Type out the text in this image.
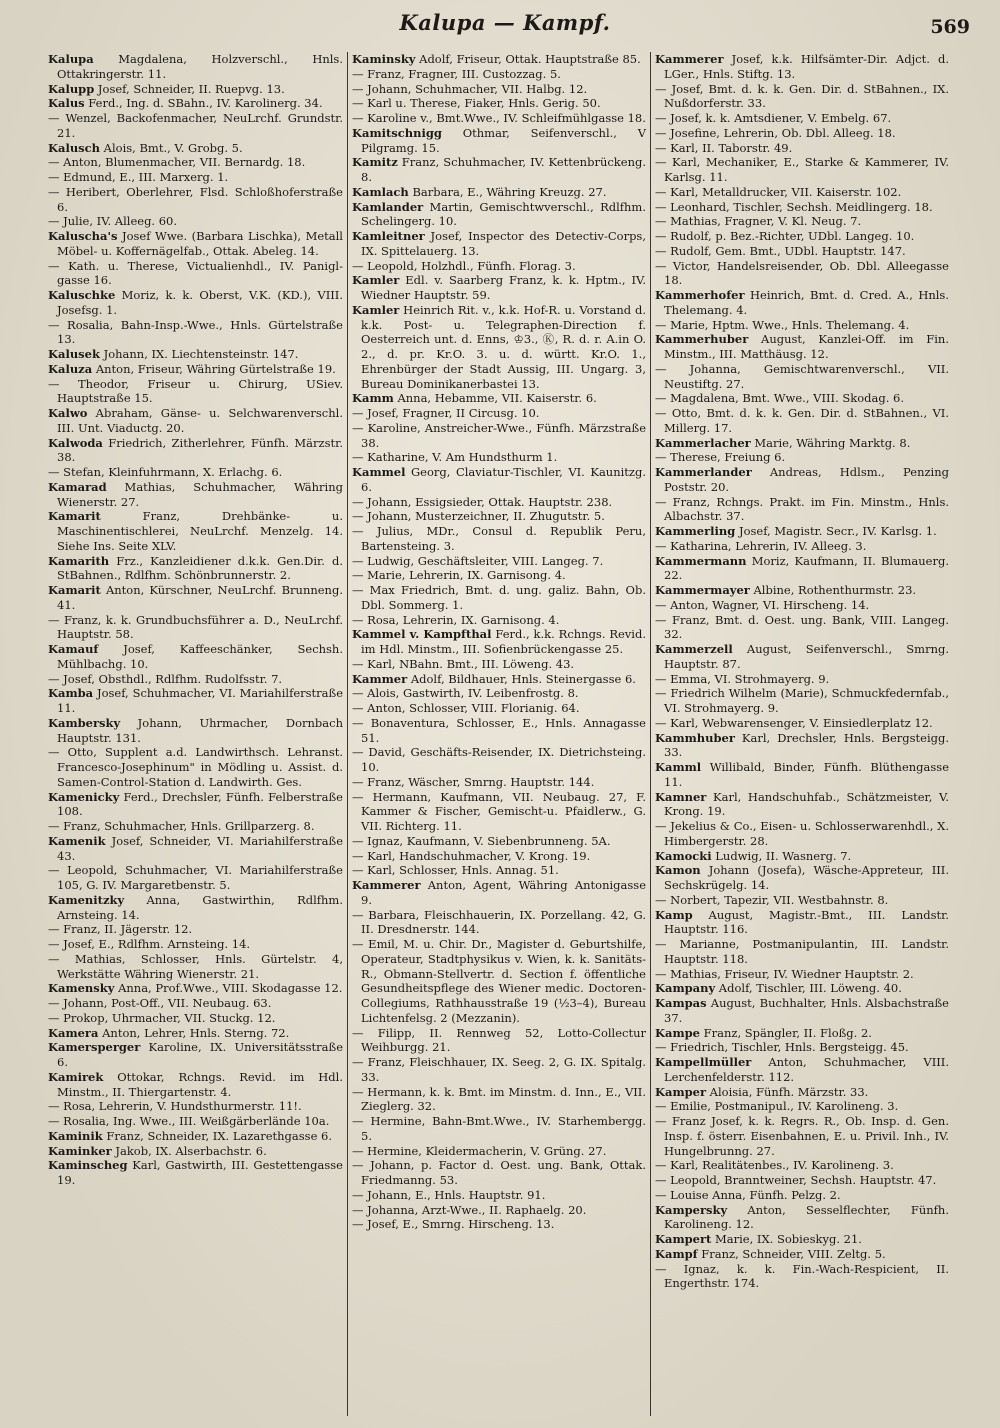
Kalupa — Kampf.	569
Kalupa Magdalena, Holzverschl., Hnls. Ottakringerstr. 11.
Kalupp Josef, Schneider, II. Ruepvg. 13.
Kalus Ferd., Ing. d. SBahn., IV. Karolinerg. 34.
— Wenzel, Backofenmacher, NeuLrchf. Grundstr. 21.
Kalusch Alois, Bmt., V. Grobg. 5.
— Anton, Blumenmacher, VII. Bernardg. 18.
— Edmund, E., III. Marxerg. 1.
— Heribert, Oberlehrer, Flsd. Schloßhoferstraße 6.
— Julie, IV. Alleeg. 60.
Kaluscha's Josef Wwe. (Barbara Lischka), Metall Möbel- u. Koffernägelfab., Ottak. Abeleg. 14.
— Kath. u. Therese, Victualienhdl., IV. Panigl-gasse 16.
Kaluschke Moriz, k. k. Oberst, V.K. (KD.), VIII. Josefsg. 1.
— Rosalia, Bahn-Insp.-Wwe., Hnls. Gürtelstraße 13.
Kalusek Johann, IX. Liechtensteinstr. 147.
Kaluza Anton, Friseur, Währing Gürtelstraße 19.
— Theodor, Friseur u. Chirurg, USiev. Hauptstraße 15.
Kalwo Abraham, Gänse- u. Selchwarenverschl. III. Unt. Viaductg. 20.
Kalwoda Friedrich, Zitherlehrer, Fünfh. Märzstr. 38.
— Stefan, Kleinfuhrmann, X. Erlachg. 6.
Kamarad Mathias, Schuhmacher, Währing Wienerstr. 27.
Kamarit Franz, Drehbänke- u. Maschinentischlerei, NeuLrchf. Menzelg. 14. Siehe Ins. Seite XLV.
Kamarith Frz., Kanzleidiener d.k.k. Gen.Dir. d. StBahnen., Rdlfhm. Schönbrunnerstr. 2.
Kamarit Anton, Kürschner, NeuLrchf. Brunneng. 41.
— Franz, k. k. Grundbuchsführer a. D., NeuLrchf. Hauptstr. 58.
Kamauf Josef, Kaffeeschänker, Sechsh. Mühlbachg. 10.
— Josef, Obsthdl., Rdlfhm. Rudolfsstr. 7.
Kamba Josef, Schuhmacher, VI. Mariahilferstraße 11.
Kambersky Johann, Uhrmacher, Dornbach Hauptstr. 131.
— Otto, Supplent a.d. Landwirthsch. Lehranst. Francesco-Josephinum" in Mödling u. Assist. d. Samen-Control-Station d. Landwirth. Ges.
Kamenicky Ferd., Drechsler, Fünfh. Felberstraße 108.
— Franz, Schuhmacher, Hnls. Grillparzerg. 8.
Kamenik Josef, Schneider, VI. Mariahilferstraße 43.
— Leopold, Schuhmacher, VI. Mariahilferstraße 105, G. IV. Margaretbenstr. 5.
Kamenitzky Anna, Gastwirthin, Rdlfhm. Arnsteing. 14.
— Franz, II. Jägerstr. 12.
— Josef, E., Rdlfhm. Arnsteing. 14.
— Mathias, Schlosser, Hnls. Gürtelstr. 4, Werkstätte Währing Wienerstr. 21.
Kamensky Anna, Prof.Wwe., VIII. Skodagasse 12.
— Johann, Post-Off., VII. Neubaug. 63.
— Prokop, Uhrmacher, VII. Stuckg. 12.
Kamera Anton, Lehrer, Hnls. Sterng. 72.
Kamersperger Karoline, IX. Universitätsstraße 6.
Kamirek Ottokar, Rchngs. Revid. im Hdl. Minstm., II. Thiergartenstr. 4.
— Rosa, Lehrerin, V. Hundsthurmerstr. 11!.
— Rosalia, Ing. Wwe., III. Weißgärberlände 10a.
Kaminik Franz, Schneider, IX. Lazarethgasse 6.
Kaminker Jakob, IX. Alserbachstr. 6.
Kaminscheg Karl, Gastwirth, III. Gestettengasse 19.
Kaminsky Adolf, Friseur, Ottak. Hauptstraße 85.
— Franz, Fragner, III. Custozzag. 5.
— Johann, Schuhmacher, VII. Halbg. 12.
— Karl u. Therese, Fiaker, Hnls. Gerig. 50.
— Karoline v., Bmt.Wwe., IV. Schleifmühlgasse 18.
Kamitschnigg Othmar, Seifenverschl., V Pilgramg. 15.
Kamitz Franz, Schuhmacher, IV. Kettenbrückeng. 8.
Kamlach Barbara, E., Währing Kreuzg. 27.
Kamlander Martin, Gemischtwverschl., Rdlfhm. Schelingerg. 10.
Kamleitner Josef, Inspector des Detectiv-Corps, IX. Spittelauerg. 13.
— Leopold, Holzhdl., Fünfh. Florag. 3.
Kamler Edl. v. Saarberg Franz, k. k. Hptm., IV. Wiedner Hauptstr. 59.
Kamler Heinrich Rit. v., k.k. Hof-R. u. Vorstand d. k.k. Post- u. Telegraphen-Direction f. Oesterreich unt. d. Enns, ♔3., Ⓚ, R. d. r. A.in O. 2., d. pr. Kr.O. 3. u. d. württ. Kr.O. 1., Ehrenbürger der Stadt Aussig, III. Ungarg. 3, Bureau Dominikanerbastei 13.
Kamm Anna, Hebamme, VII. Kaiserstr. 6.
— Josef, Fragner, II Circusg. 10.
— Karoline, Anstreicher-Wwe., Fünfh. Märzstraße 38.
— Katharine, V. Am Hundsthurm 1.
Kammel Georg, Claviatur-Tischler, VI. Kaunitzg. 6.
— Johann, Essigsieder, Ottak. Hauptstr. 238.
— Johann, Musterzeichner, II. Zhugutstr. 5.
— Julius, MDr., Consul d. Republik Peru, Bartensteing. 3.
— Ludwig, Geschäftsleiter, VIII. Langeg. 7.
— Marie, Lehrerin, IX. Garnisong. 4.
— Max Friedrich, Bmt. d. ung. galiz. Bahn, Ob. Dbl. Sommerg. 1.
— Rosa, Lehrerin, IX. Garnisong. 4.
Kammel v. Kampfthal Ferd., k.k. Rchngs. Revid. im Hdl. Minstm., III. Sofienbrückengasse 25.
— Karl, NBahn. Bmt., III. Löweng. 43.
Kammer Adolf, Bildhauer, Hnls. Steinergasse 6.
— Alois, Gastwirth, IV. Leibenfrostg. 8.
— Anton, Schlosser, VIII. Florianig. 64.
— Bonaventura, Schlosser, E., Hnls. Annagasse 51.
— David, Geschäfts-Reisender, IX. Dietrichsteing. 10.
— Franz, Wäscher, Smrng. Hauptstr. 144.
— Hermann, Kaufmann, VII. Neubaug. 27, F. Kammer & Fischer, Gemischt-u. Pfaidlerw., G. VII. Richterg. 11.
— Ignaz, Kaufmann, V. Siebenbrunneng. 5A.
— Karl, Handschuhmacher, V. Krong. 19.
— Karl, Schlosser, Hnls. Annag. 51.
Kammerer Anton, Agent, Währing Antonigasse 9.
— Barbara, Fleischhauerin, IX. Porzellang. 42, G. II. Dresdnerstr. 144.
— Emil, M. u. Chir. Dr., Magister d. Geburtshilfe, Operateur, Stadtphysikus v. Wien, k. k. Sanitäts-R., Obmann-Stellvertr. d. Section f. öffentliche Gesundheitspflege des Wiener medic. Doctoren-Collegiums, Rathhausstraße 19 (½3–4), Bureau Lichtenfelsg. 2 (Mezzanin).
— Filipp, II. Rennweg 52, Lotto-Collectur Weihburgg. 21.
— Franz, Fleischhauer, IX. Seeg. 2, G. IX. Spitalg. 33.
— Hermann, k. k. Bmt. im Minstm. d. Inn., E., VII. Zieglerg. 32.
— Hermine, Bahn-Bmt.Wwe., IV. Starhembergg. 5.
— Hermine, Kleidermacherin, V. Grüng. 27.
— Johann, p. Factor d. Oest. ung. Bank, Ottak. Friedmanng. 53.
— Johann, E., Hnls. Hauptstr. 91.
— Johanna, Arzt-Wwe., II. Raphaelg. 20.
— Josef, E., Smrng. Hirscheng. 13.
Kammerer Josef, k.k. Hilfsämter-Dir. Adjct. d. LGer., Hnls. Stiftg. 13.
— Josef, Bmt. d. k. k. Gen. Dir. d. StBahnen., IX. Nußdorferstr. 33.
— Josef, k. k. Amtsdiener, V. Embelg. 67.
— Josefine, Lehrerin, Ob. Dbl. Alleeg. 18.
— Karl, II. Taborstr. 49.
— Karl, Mechaniker, E., Starke & Kammerer, IV. Karlsg. 11.
— Karl, Metalldrucker, VII. Kaiserstr. 102.
— Leonhard, Tischler, Sechsh. Meidlingerg. 18.
— Mathias, Fragner, V. Kl. Neug. 7.
— Rudolf, p. Bez.-Richter, UDbl. Langeg. 10.
— Rudolf, Gem. Bmt., UDbl. Hauptstr. 147.
— Victor, Handelsreisender, Ob. Dbl. Alleegasse 18.
Kammerhofer Heinrich, Bmt. d. Cred. A., Hnls. Thelemang. 4.
— Marie, Hptm. Wwe., Hnls. Thelemang. 4.
Kammerhuber August, Kanzlei-Off. im Fin. Minstm., III. Matthäusg. 12.
— Johanna, Gemischtwarenverschl., VII. Neustiftg. 27.
— Magdalena, Bmt. Wwe., VIII. Skodag. 6.
— Otto, Bmt. d. k. k. Gen. Dir. d. StBahnen., VI. Millerg. 17.
Kammerlacher Marie, Währing Marktg. 8.
— Therese, Freiung 6.
Kammerlander Andreas, Hdlsm., Penzing Poststr. 20.
— Franz, Rchngs. Prakt. im Fin. Minstm., Hnls. Albachstr. 37.
Kammerling Josef, Magistr. Secr., IV. Karlsg. 1.
— Katharina, Lehrerin, IV. Alleeg. 3.
Kammermann Moriz, Kaufmann, II. Blumauerg. 22.
Kammermayer Albine, Rothenthurmstr. 23.
— Anton, Wagner, VI. Hirscheng. 14.
— Franz, Bmt. d. Oest. ung. Bank, VIII. Langeg. 32.
Kammerzell August, Seifenverschl., Smrng. Hauptstr. 87.
— Emma, VI. Strohmayerg. 9.
— Friedrich Wilhelm (Marie), Schmuckfedernfab., VI. Strohmayerg. 9.
— Karl, Webwarensenger, V. Einsiedlerplatz 12.
Kammhuber Karl, Drechsler, Hnls. Bergsteigg. 33.
Kamml Willibald, Binder, Fünfh. Blüthengasse 11.
Kamner Karl, Handschuhfab., Schätzmeister, V. Krong. 19.
— Jekelius & Co., Eisen- u. Schlosserwarenhdl., X. Himbergerstr. 28.
Kamocki Ludwig, II. Wasnerg. 7.
Kamon Johann (Josefa), Wäsche-Appreteur, III. Sechskrügelg. 14.
— Norbert, Tapezir, VII. Westbahnstr. 8.
Kamp August, Magistr.-Bmt., III. Landstr. Hauptstr. 116.
— Marianne, Postmanipulantin, III. Landstr. Hauptstr. 118.
— Mathias, Friseur, IV. Wiedner Hauptstr. 2.
Kampany Adolf, Tischler, III. Löweng. 40.
Kampas August, Buchhalter, Hnls. Alsbachstraße 37.
Kampe Franz, Spängler, II. Floßg. 2.
— Friedrich, Tischler, Hnls. Bergsteigg. 45.
Kampellmüller Anton, Schuhmacher, VIII. Lerchenfelderstr. 112.
Kamper Aloisia, Fünfh. Märzstr. 33.
— Emilie, Postmanipul., IV. Karolineng. 3.
— Franz Josef, k. k. Regrs. R., Ob. Insp. d. Gen. Insp. f. österr. Eisenbahnen, E. u. Privil. Inh., IV. Hungelbrunng. 27.
— Karl, Realitätenbes., IV. Karolineng. 3.
— Leopold, Branntweiner, Sechsh. Hauptstr. 47.
— Louise Anna, Fünfh. Pelzg. 2.
Kampersky Anton, Sesselflechter, Fünfh. Karolineng. 12.
Kampert Marie, IX. Sobieskyg. 21.
Kampf Franz, Schneider, VIII. Zeltg. 5.
— Ignaz, k. k. Fin.-Wach-Respicient, II. Engerthstr. 174.
